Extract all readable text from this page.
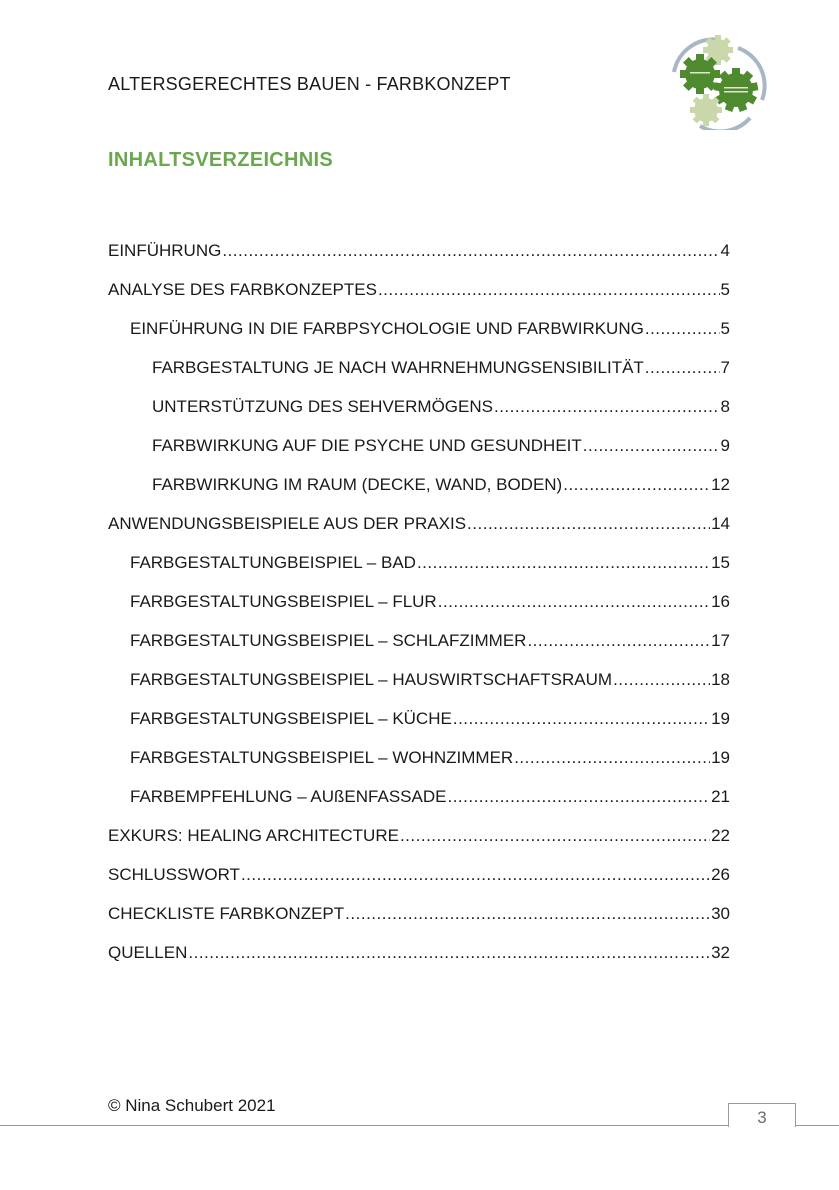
ALTERSGERECHTES BAUEN - FARBKONZEPT
INHALTSVERZEICHNIS
EINFÜHRUNG .....	4
ANALYSE DES FARBKONZEPTES .....	5
EINFÜHRUNG IN DIE FARBPSYCHOLOGIE UND FARBWIRKUNG .....	5
FARBGESTALTUNG JE NACH WAHRNEHMUNGSENSIBILITÄT .....	7
UNTERSTÜTZUNG DES SEHVERMÖGENS .....	8
FARBWIRKUNG AUF DIE PSYCHE UND GESUNDHEIT .....	9
FARBWIRKUNG IM RAUM (DECKE, WAND, BODEN) .....	12
ANWENDUNGSBEISPIELE AUS DER PRAXIS .....	14
FARBGESTALTUNGBEISPIEL – BAD .....	15
FARBGESTALTUNGSBEISPIEL – FLUR .....	16
FARBGESTALTUNGSBEISPIEL – SCHLAFZIMMER .....	17
FARBGESTALTUNGSBEISPIEL – HAUSWIRTSCHAFTSRAUM .....	18
FARBGESTALTUNGSBEISPIEL – KÜCHE .....	19
FARBGESTALTUNGSBEISPIEL – WOHNZIMMER .....	19
FARBEMPFEHLUNG – AUßENFASSADE .....	21
EXKURS: HEALING ARCHITECTURE .....	22
SCHLUSSWORT .....	26
CHECKLISTE FARBKONZEPT .....	30
QUELLEN .....	32
© Nina Schubert 2021
3
